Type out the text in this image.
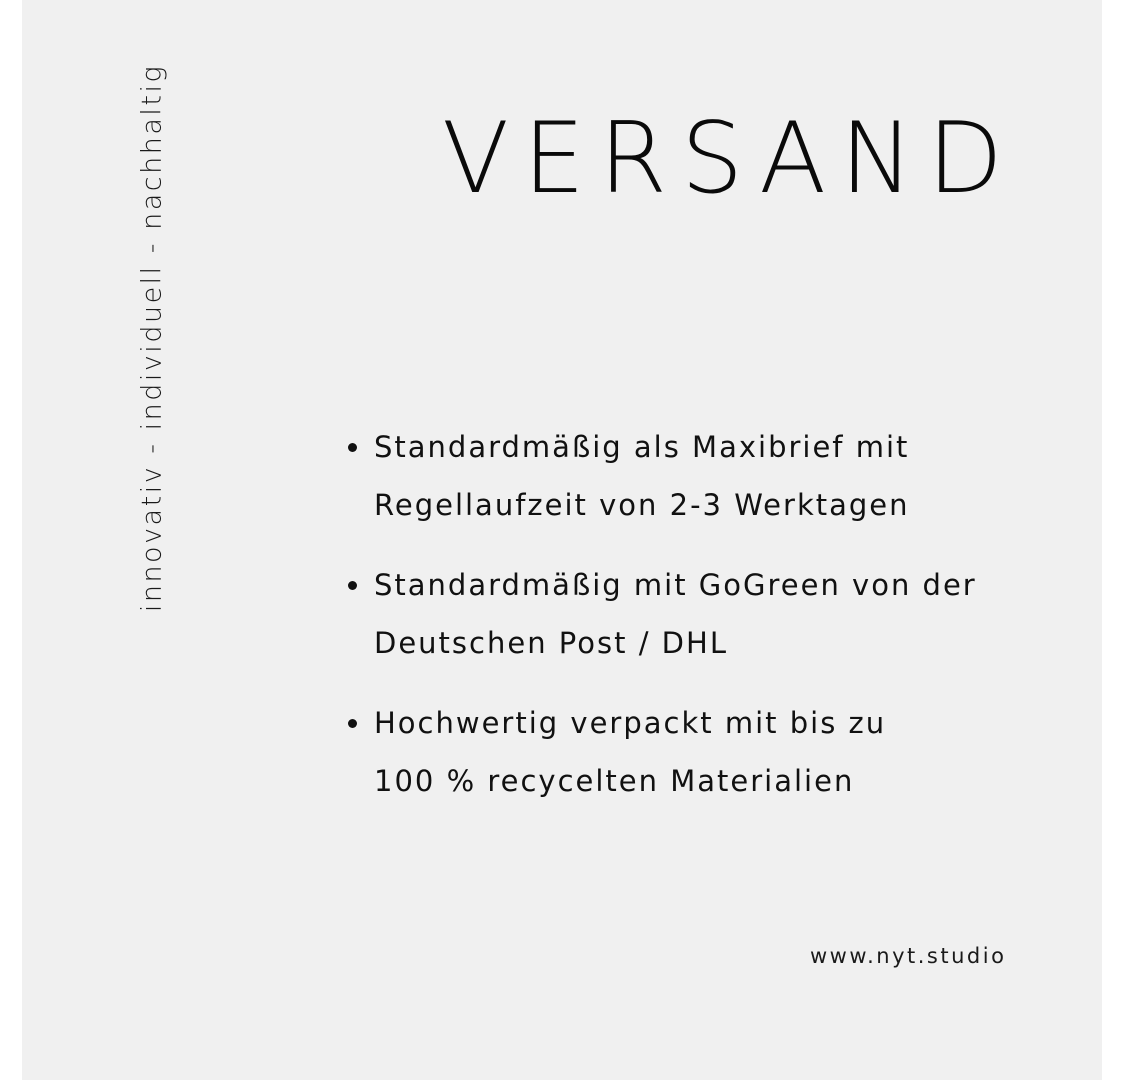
innovativ - individuell - nachhaltig	VERSAND
Standardmäßig als Maxibrief mit
Regellaufzeit von 2-3 Werktagen
Standardmäßig mit GoGreen von der
Deutschen Post / DHL
Hochwertig verpackt mit bis zu
100 % recycelten Materialien
www.nyt.studio
